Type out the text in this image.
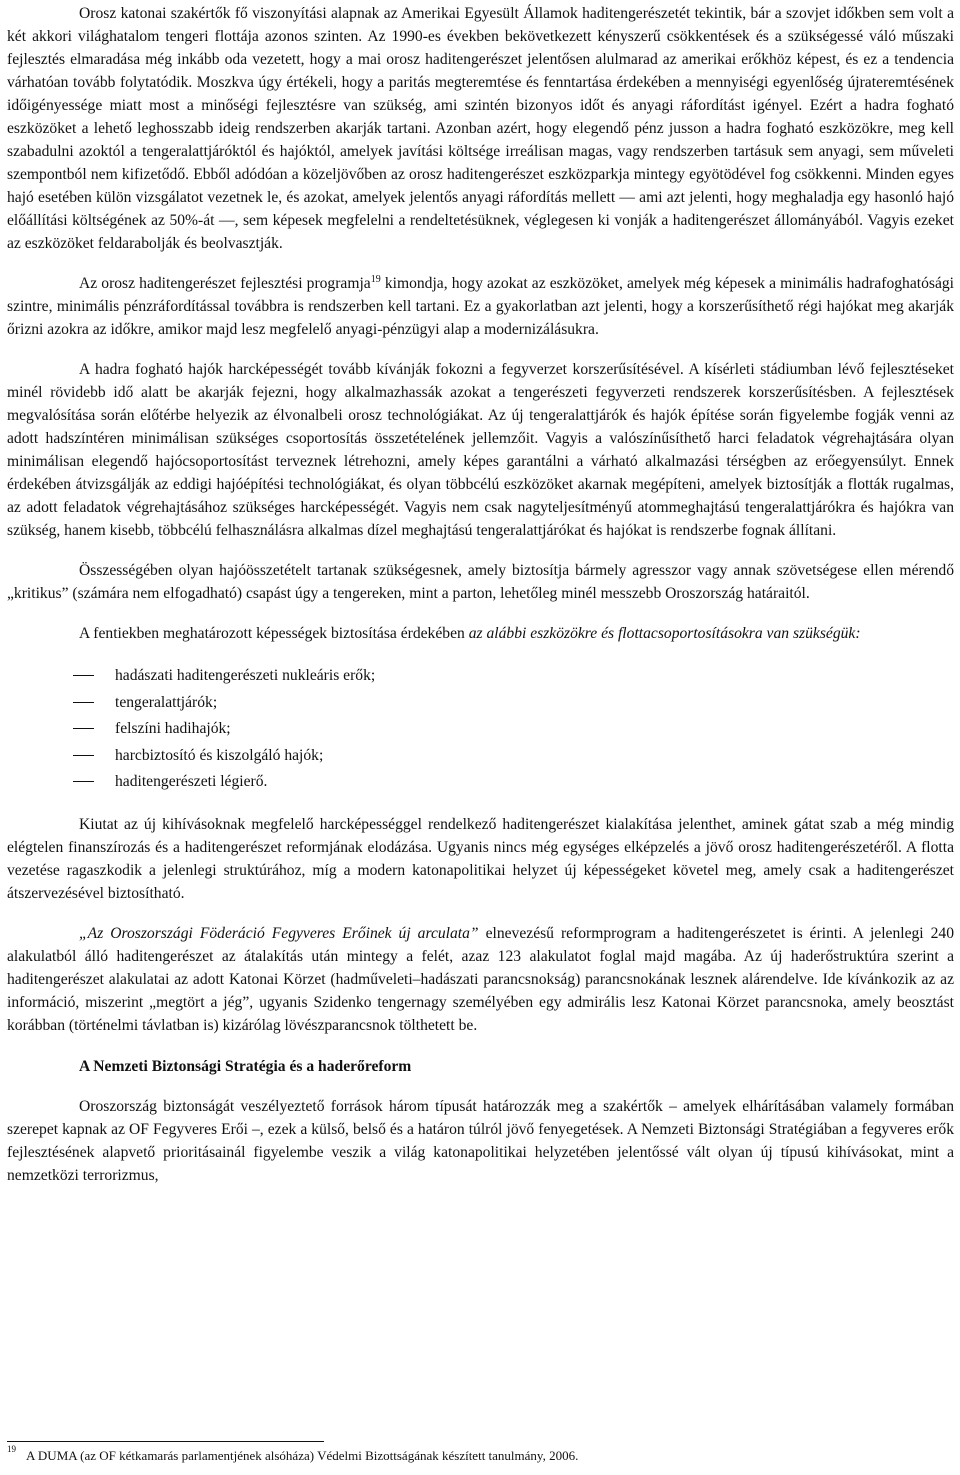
Orosz katonai szakértők fő viszonyítási alapnak az Amerikai Egyesült Államok haditengerészetét tekintik, bár a szovjet időkben sem volt a két akkori világhatalom tengeri flottája azonos szinten. Az 1990-es években bekövetkezett kényszerű csökkentések és a szükségessé váló műszaki fejlesztés elmaradása még inkább oda vezetett, hogy a mai orosz haditengerészet jelentősen alulmarad az amerikai erőkhöz képest, és ez a tendencia várhatóan tovább folytatódik. Moszkva úgy értékeli, hogy a paritás megteremtése és fenntartása érdekében a mennyiségi egyenlőség újrateremtésének időigényessége miatt most a minőségi fejlesztésre van szükség, ami szintén bizonyos időt és anyagi ráfordítást igényel. Ezért a hadra fogható eszközöket a lehető leghosszabb ideig rendszerben akarják tartani. Azonban azért, hogy elegendő pénz jusson a hadra fogható eszközökre, meg kell szabadulni azoktól a tengeralattjáróktól és hajóktól, amelyek javítási költsége irreálisan magas, vagy rendszerben tartásuk sem anyagi, sem műveleti szempontból nem kifizetődő. Ebből adódóan a közeljövőben az orosz haditengerészet eszközparkja mintegy egyötödével fog csökkenni. Minden egyes hajó esetében külön vizsgálatot vezetnek le, és azokat, amelyek jelentős anyagi ráfordítás mellett — ami azt jelenti, hogy meghaladja egy hasonló hajó előállítási költségének az 50%-át —, sem képesek megfelelni a rendeltetésüknek, véglegesen ki vonják a haditengerészet állományából. Vagyis ezeket az eszközöket feldarabolják és beolvasztják.

Az orosz haditengerészet fejlesztési programja$^{19}$ kimondja, hogy azokat az eszközöket, amelyek még képesek a minimális hadrafoghatósági szintre, minimális pénzráfordítással továbbra is rendszerben kell tartani. Ez a gyakorlatban azt jelenti, hogy a korszerűsíthető régi hajókat meg akarják őrizni azokra az időkre, amikor majd lesz megfelelő anyagi-pénzügyi alap a modernizálásukra.

A hadra fogható hajók harcképességét tovább kívánják fokozni a fegyverzet korszerűsítésével. A kísérleti stádiumban lévő fejlesztéseket minél rövidebb idő alatt be akarják fejezni, hogy alkalmazhassák azokat a tengerészeti fegyverzeti rendszerek korszerűsítésben. A fejlesztések megvalósítása során előtérbe helyezik az élvonalbeli orosz technológiákat. Az új tengeralattjárók és hajók építése során figyelembe fogják venni az adott hadszíntéren minimálisan szükséges csoportosítás összetételének jellemzőit. Vagyis a valószínűsíthető harci feladatok végrehajtására olyan minimálisan elegendő hajócsoportosítást terveznek létrehozni, amely képes garantálni a várható alkalmazási térségben az erőegyensúlyt. Ennek érdekében átvizsgálják az eddigi hajóépítési technológiákat, és olyan többcélú eszközöket akarnak megépíteni, amelyek biztosítják a flották rugalmas, az adott feladatok végrehajtásához szükséges harcképességét. Vagyis nem csak nagyteljesítményű atommeghajtású tengeralattjárókra és hajókra van szükség, hanem kisebb, többcélú felhasználásra alkalmas dízel meghajtású tengeralattjárókat és hajókat is rendszerbe fognak állítani.

Összességében olyan hajóösszetételt tartanak szükségesnek, amely biztosítja bármely agresszor vagy annak szövetségese ellen mérendő „kritikus” (számára nem elfogadható) csapást úgy a tengereken, mint a parton, lehetőleg minél messzebb Oroszország határaitól.

A fentiekben meghatározott képességek biztosítása érdekében az alábbi eszközökre és flottacsoportosításokra van szükségük:

hadászati haditengerészeti nukleáris erők;
tengeralattjárók;
felszíni hadihajók;
harcbiztosító és kiszolgáló hajók;
haditengerészeti légierő.

Kiutat az új kihívásoknak megfelelő harcképességgel rendelkező haditengerészet kialakítása jelenthet, aminek gátat szab a még mindig elégtelen finanszírozás és a haditengerészet reformjának elodázása. Ugyanis nincs még egységes elképzelés a jövő orosz haditengerészetéről. A flotta vezetése ragaszkodik a jelenlegi struktúrához, míg a modern katonapolitikai helyzet új képességeket követel meg, amely csak a haditengerészet átszervezésével biztosítható.

„Az Oroszországi Föderáció Fegyveres Erőinek új arculata” elnevezésű reformprogram a haditengerészetet is érinti. A jelenlegi 240 alakulatból álló haditengerészet az átalakítás után mintegy a felét, azaz 123 alakulatot foglal majd magába. Az új haderőstruktúra szerint a haditengerészet alakulatai az adott Katonai Körzet (hadműveleti–hadászati parancsnokság) parancsnokának lesznek alárendelve. Ide kívánkozik az az információ, miszerint „megtört a jég”, ugyanis Szidenko tengernagy személyében egy admirális lesz Katonai Körzet parancsnoka, amely beosztást korábban (történelmi távlatban is) kizárólag lövészparancsnok tölthetett be.

A Nemzeti Biztonsági Stratégia és a haderőreform

Oroszország biztonságát veszélyeztető források három típusát határozzák meg a szakértők – amelyek elhárításában valamely formában szerepet kapnak az OF Fegyveres Erői –, ezek a külső, belső és a határon túlról jövő fenyegetések. A Nemzeti Biztonsági Stratégiában a fegyveres erők fejlesztésének alapvető prioritásainál figyelembe veszik a világ katonapolitikai helyzetében jelentőssé vált olyan új típusú kihívásokat, mint a nemzetközi terrorizmus,

$^{19}$ A DUMA (az OF kétkamarás parlamentjének alsóháza) Védelmi Bizottságának készített tanulmány, 2006.
